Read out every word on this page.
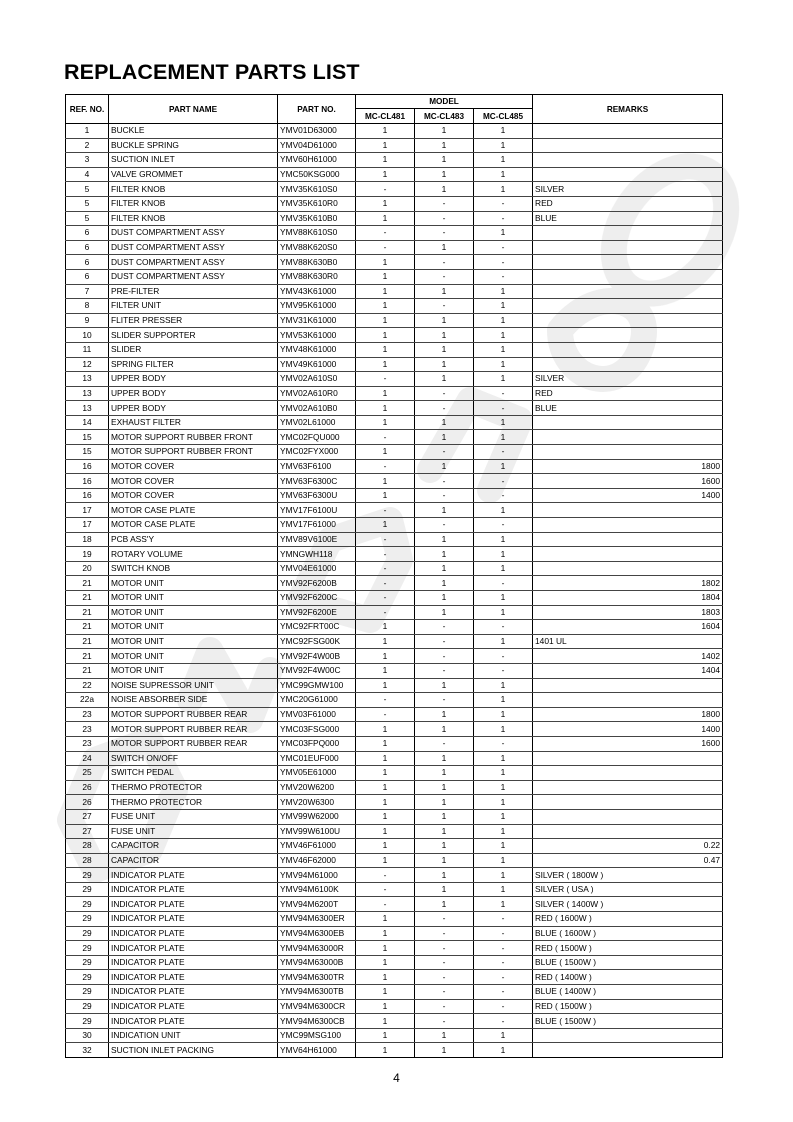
REPLACEMENT PARTS LIST
REF. NO.	PART NAME	PART NO.	MODEL			REMARKS
			MC-CL481	MC-CL483	MC-CL485	
1	BUCKLE	YMV01D63000	1	1	1	
2	BUCKLE SPRING	YMV04D61000	1	1	1	
3	SUCTION INLET	YMV60H61000	1	1	1	
4	VALVE GROMMET	YMC50KSG000	1	1	1	
5	FILTER KNOB	YMV35K610S0	-	1	1	SILVER
5	FILTER KNOB	YMV35K610R0	1	-	-	RED
5	FILTER KNOB	YMV35K610B0	1	-	-	BLUE
6	DUST COMPARTMENT ASSY	YMV88K610S0	-	-	1	
6	DUST COMPARTMENT ASSY	YMV88K620S0	-	1	-	
6	DUST COMPARTMENT ASSY	YMV88K630B0	1	-	-	
6	DUST COMPARTMENT ASSY	YMV88K630R0	1	-	-	
7	PRE-FILTER	YMV43K61000	1	1	1	
8	FILTER UNIT	YMV95K61000	1	-	1	
9	FLITER PRESSER	YMV31K61000	1	1	1	
10	SLIDER SUPPORTER	YMV53K61000	1	1	1	
11	SLIDER	YMV48K61000	1	1	1	
12	SPRING FILTER	YMV49K61000	1	1	1	
13	UPPER BODY	YMV02A610S0	-	1	1	SILVER
13	UPPER BODY	YMV02A610R0	1	-	-	RED
13	UPPER BODY	YMV02A610B0	1	-	-	BLUE
14	EXHAUST FILTER	YMV02L61000	1	1	1	
15	MOTOR SUPPORT RUBBER FRONT	YMC02FQU000	-	1	1	
15	MOTOR SUPPORT RUBBER FRONT	YMC02FYX000	1	-	-	
16	MOTOR COVER	YMV63F6100	-	1	1	1800
16	MOTOR COVER	YMV63F6300C	1	-	-	1600
16	MOTOR COVER	YMV63F6300U	1	-	-	1400
17	MOTOR CASE PLATE	YMV17F6100U	-	1	1	
17	MOTOR CASE PLATE	YMV17F61000	1	-	-	
18	PCB ASS'Y	YMV89V6100E	-	1	1	
19	ROTARY VOLUME	YMNGWH118	-	1	1	
20	SWITCH KNOB	YMV04E61000	-	1	1	
21	MOTOR UNIT	YMV92F6200B	-	1	-	1802
21	MOTOR UNIT	YMV92F6200C	-	1	1	1804
21	MOTOR UNIT	YMV92F6200E	-	1	1	1803
21	MOTOR UNIT	YMC92FRT00C	1	-	-	1604
21	MOTOR UNIT	YMC92FSG00K	1	-	1	1401 UL
21	MOTOR UNIT	YMV92F4W00B	1	-	-	1402
21	MOTOR UNIT	YMV92F4W00C	1	-	-	1404
22	NOISE SUPRESSOR UNIT	YMC99GMW100	1	1	1	
22a	NOISE ABSORBER SIDE	YMC20G61000	-	-	1	
23	MOTOR SUPPORT RUBBER REAR	YMV03F61000	-	1	1	1800
23	MOTOR SUPPORT RUBBER REAR	YMC03FSG000	1	1	1	1400
23	MOTOR SUPPORT RUBBER REAR	YMC03FPQ000	1	-	-	1600
24	SWITCH ON/OFF	YMC01EUF000	1	1	1	
25	SWITCH PEDAL	YMV05E61000	1	1	1	
26	THERMO PROTECTOR	YMV20W6200	1	1	1	
26	THERMO PROTECTOR	YMV20W6300	1	1	1	
27	FUSE UNIT	YMV99W62000	1	1	1	
27	FUSE UNIT	YMV99W6100U	1	1	1	
28	CAPACITOR	YMV46F61000	1	1	1	0.22
28	CAPACITOR	YMV46F62000	1	1	1	0.47
29	INDICATOR PLATE	YMV94M61000	-	1	1	SILVER ( 1800W )
29	INDICATOR PLATE	YMV94M6100K	-	1	1	SILVER ( USA )
29	INDICATOR PLATE	YMV94M6200T	-	1	1	SILVER ( 1400W )
29	INDICATOR PLATE	YMV94M6300ER	1	-	-	RED ( 1600W )
29	INDICATOR PLATE	YMV94M6300EB	1	-	-	BLUE ( 1600W )
29	INDICATOR PLATE	YMV94M63000R	1	-	-	RED ( 1500W )
29	INDICATOR PLATE	YMV94M63000B	1	-	-	BLUE ( 1500W )
29	INDICATOR PLATE	YMV94M6300TR	1	-	-	RED ( 1400W )
29	INDICATOR PLATE	YMV94M6300TB	1	-	-	BLUE ( 1400W )
29	INDICATOR PLATE	YMV94M6300CR	1	-	-	RED ( 1500W )
29	INDICATOR PLATE	YMV94M6300CB	1	-	-	BLUE ( 1500W )
30	INDICATION UNIT	YMC99MSG100	1	1	1	
32	SUCTION INLET PACKING	YMV64H61000	1	1	1	
4
